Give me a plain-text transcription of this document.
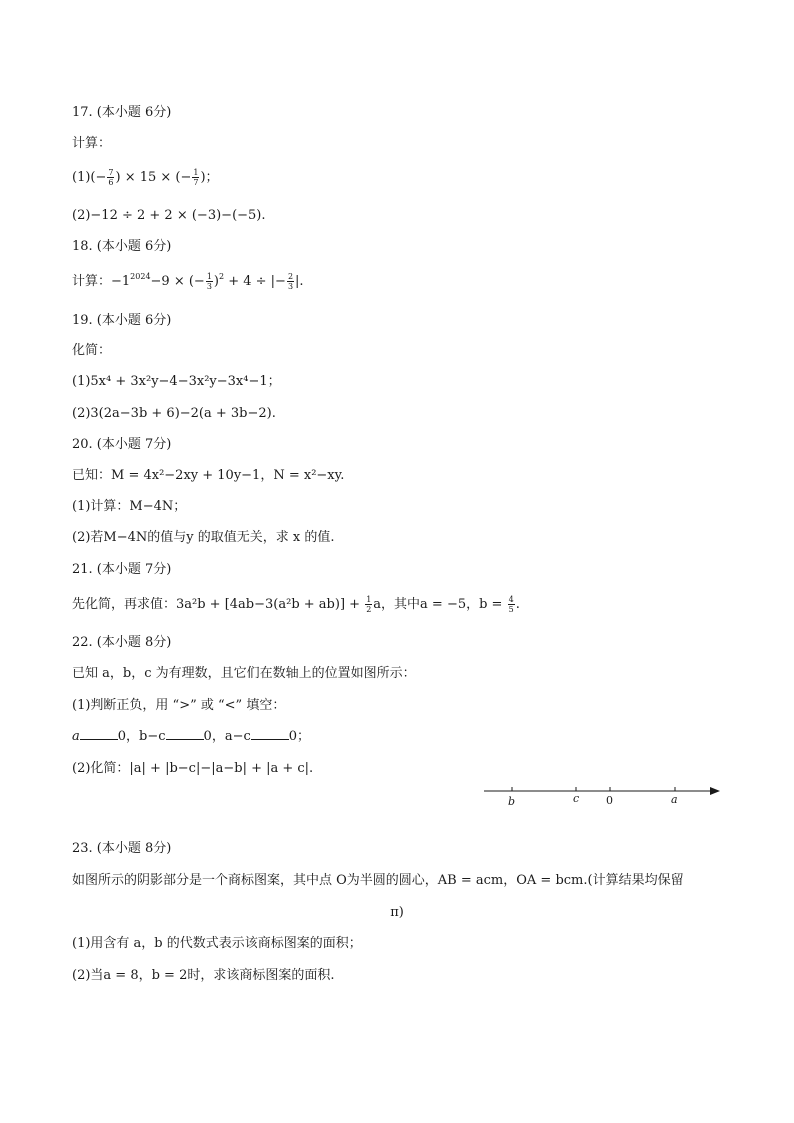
17. (本小题 6分)
计算：
$(1)(- \frac{7}{6}$ ) × 15 × (− $\frac{1}{7}$ )；
(2)−12 ÷ 2 + 2 × (−3)−(−5).
18. (本小题 6分)
计算：$-1^{2024}-9$ × (− $\frac{1}{3} )^2 + 4$ ÷ |− $\frac{2}{3}$ |.
19. (本小题 6分)
化简：
(1)5x⁴ + 3x²y−4−3x²y−3x⁴−1；
(2)3(2a−3b + 6)−2(a + 3b−2).
20. (本小题 7分)
已知：M = 4x²−2xy + 10y−1，N = x²−xy.
(1)计算：M−4N；
(2)若M−4N的值与y 的取值无关，求 x 的值.
21. (本小题 7分)
先化简，再求值：$3a^2b + [4ab-3(a^2b + ab)] + \frac{1}{2}$ a，其中a = −5，$b = \frac{4}{5}$ .
22. (本小题 8分)
已知 a，b，c 为有理数，且它们在数轴上的位置如图所示：
(1)判断正负，用 “>” 或 “<” 填空：
a	0，b−c	0，a−c	0；
(2)化简：|a| + |b−c|−|a−b| + |a + c|.
b	c 0	a
23. (本小题 8分)
如图所示的阴影部分是一个商标图案，其中点 O为半圆的圆心，AB = acm，OA = bcm.(计算结果均保留
π)
(1)用含有 a，b 的代数式表示该商标图案的面积；
(2)当a = 8，b = 2时，求该商标图案的面积.
